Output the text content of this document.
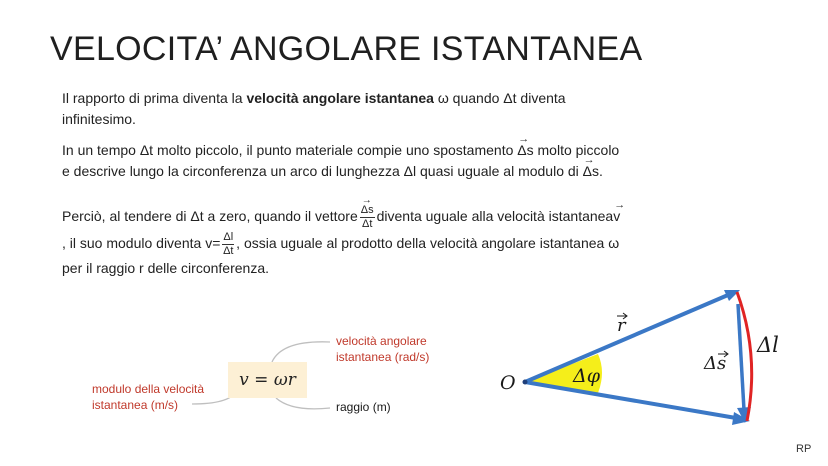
VELOCITA’ ANGOLARE ISTANTANEA
Il rapporto di prima diventa la velocità angolare istantanea ω quando Δt diventa infinitesimo.
In un tempo Δt molto piccolo, il punto materiale compie uno spostamento → Δs molto piccolo e descrive lungo la circonferenza un arco di lunghezza Δl quasi uguale al modulo di → Δs.
Perciò, al tendere di Δt a zero, quando il vettore
→ $\frac{\Delta s}{\Delta t}$ diventa uguale alla velocità istantanea→ v, il suo modulo diventa $v= \frac{\Delta l}{\Delta t}$ , ossia uguale al prodotto della velocità angolare istantanea ω per il raggio r delle circonferenza.
O	Δφ
r
Δs
Δl
v = ωr
modulo della velocità
istantanea (m/s)
velocità angolare
istantanea (rad/s)
raggio (m)
RP
